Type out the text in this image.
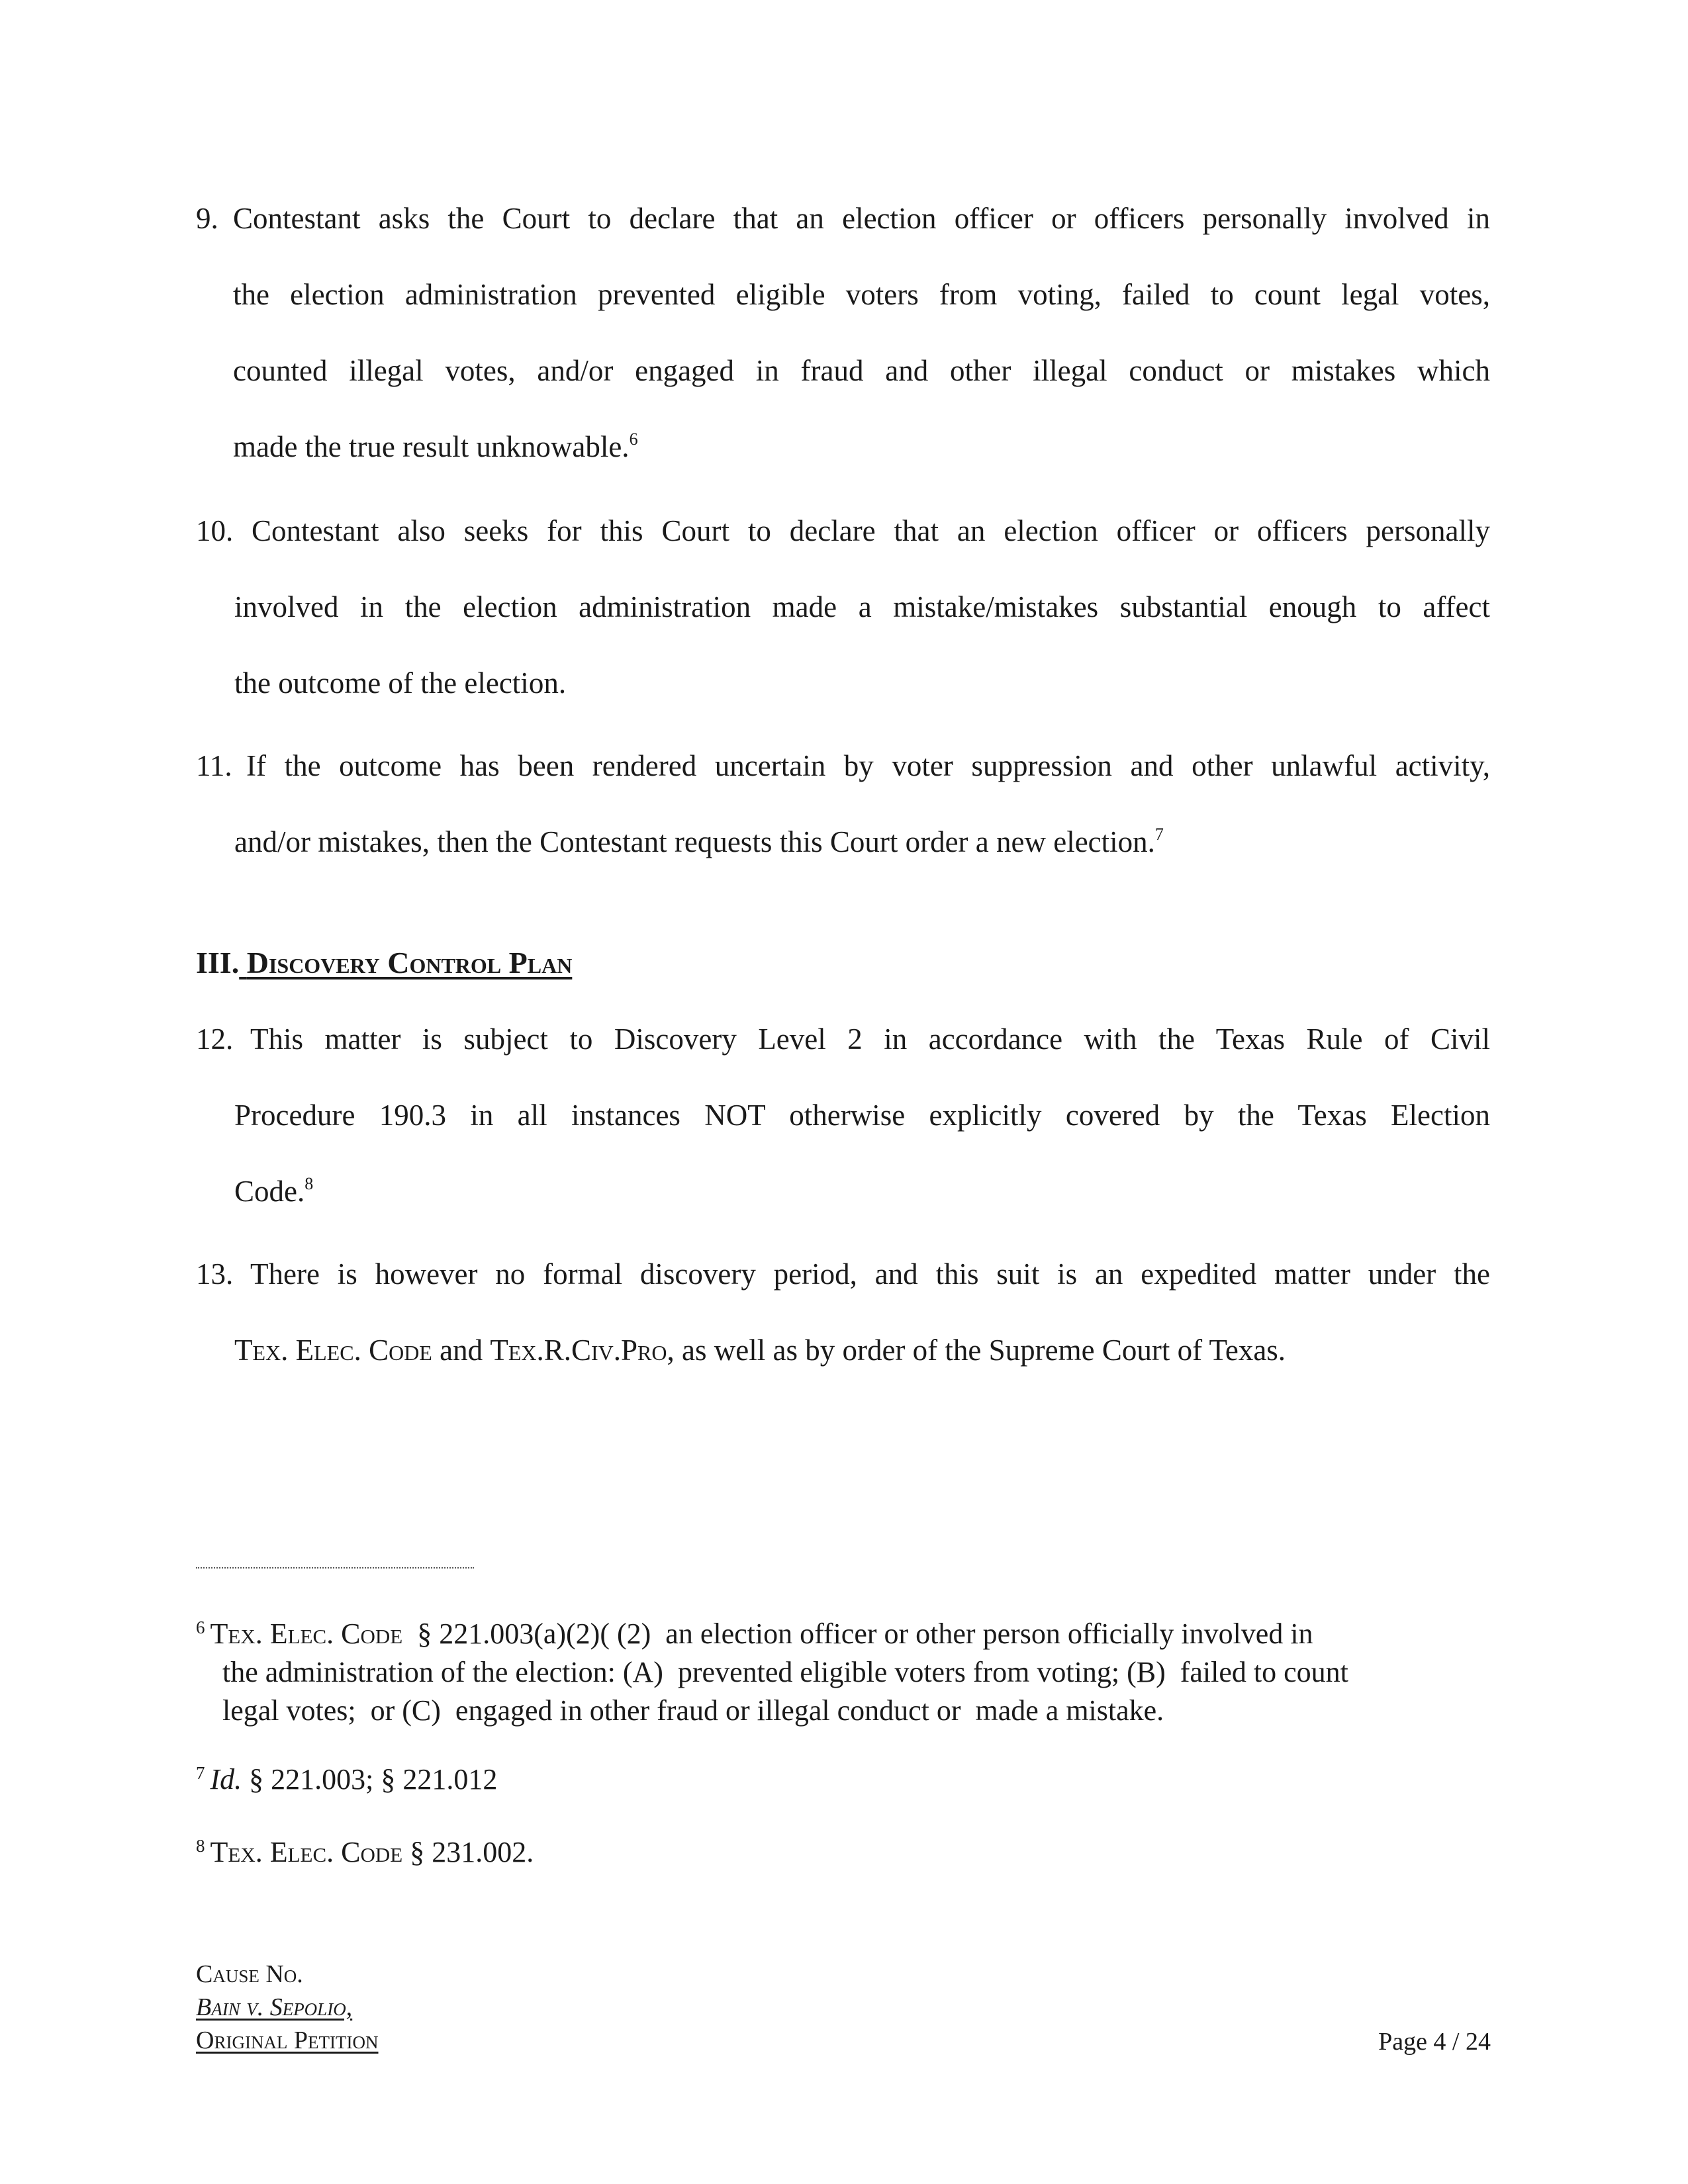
9. Contestant asks the Court to declare that an election officer or officers personally involved in
the election administration prevented eligible voters from voting, failed to count legal votes,
counted illegal votes, and/or engaged in fraud and other illegal conduct or mistakes which
made the true result unknowable.$^6$
10. Contestant also seeks for this Court to declare that an election officer or officers personally
involved in the election administration made a mistake/mistakes substantial enough to affect
the outcome of the election.
11. If the outcome has been rendered uncertain by voter suppression and other unlawful activity,
and/or mistakes, then the Contestant requests this Court order a new election.$^7$
III. Discovery Control Plan
12. This matter is subject to Discovery Level 2 in accordance with the Texas Rule of Civil
Procedure 190.3 in all instances NOT otherwise explicitly covered by the Texas Election
Code.$^8$
13. There is however no formal discovery period, and this suit is an expedited matter under the
Tex. Elec. Code and Tex.R.Civ.Pro, as well as by order of the Supreme Court of Texas.
$^6$ Tex. Elec. Code  § 221.003(a)(2)( (2)  an election officer or other person officially involved in
the administration of the election: (A)  prevented eligible voters from voting; (B)  failed to count
legal votes;  or (C)  engaged in other fraud or illegal conduct or  made a mistake.
$^7$ Id. § 221.003; § 221.012
$^8$ Tex. Elec. Code § 231.002.
Cause No.
Bain v. Sepolio,
Original Petition	Page 4 / 24
